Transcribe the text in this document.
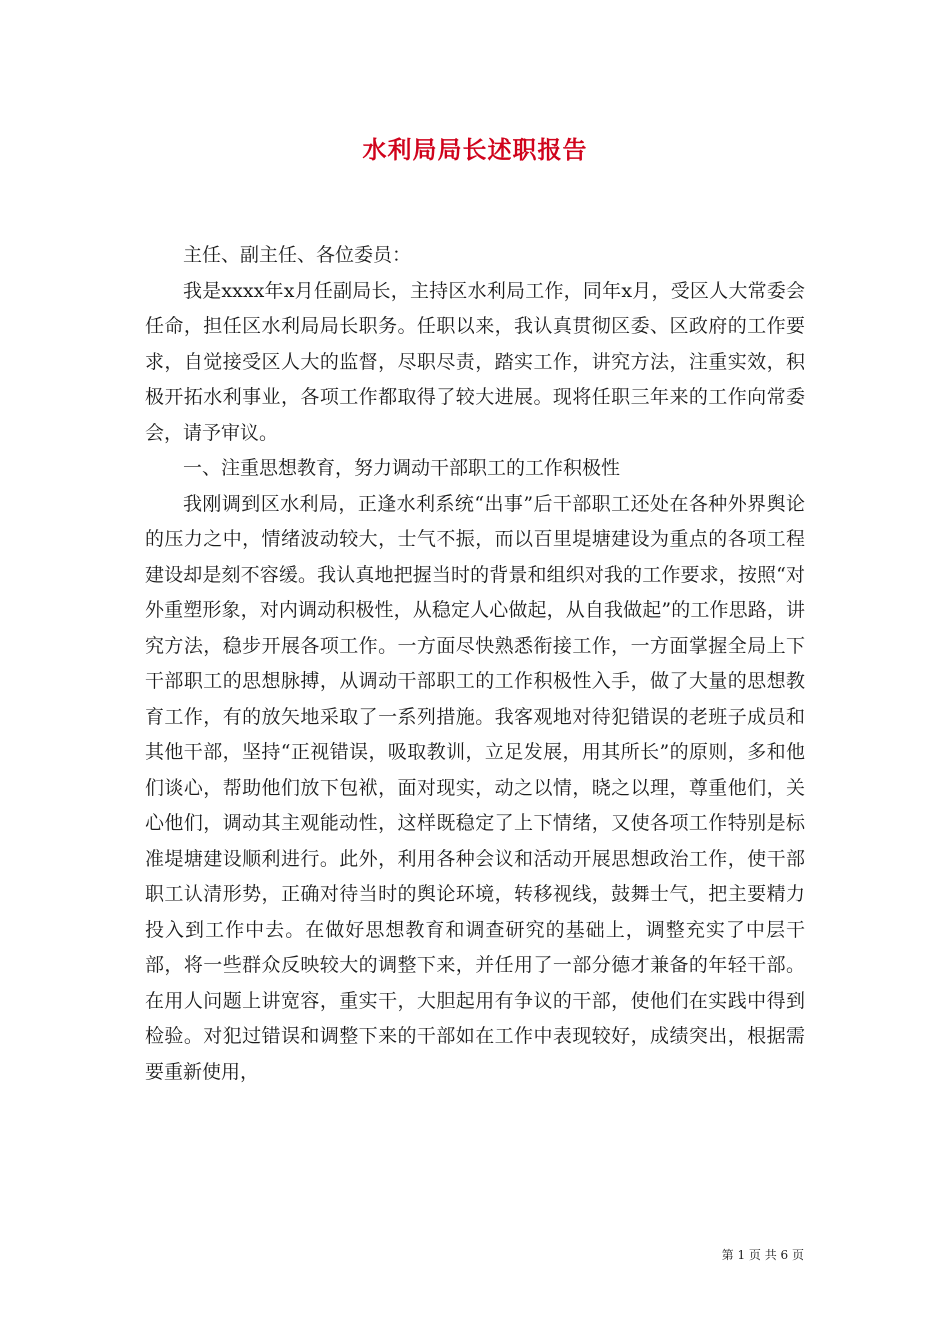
水利局局长述职报告

主任、副主任、各位委员：

我是xxxx年x月任副局长，主持区水利局工作，同年x月，受区人大常委会任命，担任区水利局局长职务。任职以来，我认真贯彻区委、区政府的工作要求，自觉接受区人大的监督，尽职尽责，踏实工作，讲究方法，注重实效，积极开拓水利事业，各项工作都取得了较大进展。现将任职三年来的工作向常委会，请予审议。

一、注重思想教育，努力调动干部职工的工作积极性

我刚调到区水利局，正逢水利系统“出事”后干部职工还处在各种外界舆论的压力之中，情绪波动较大，士气不振，而以百里堤塘建设为重点的各项工程建设却是刻不容缓。我认真地把握当时的背景和组织对我的工作要求，按照“对外重塑形象，对内调动积极性，从稳定人心做起，从自我做起”的工作思路，讲究方法，稳步开展各项工作。一方面尽快熟悉衔接工作，一方面掌握全局上下干部职工的思想脉搏，从调动干部职工的工作积极性入手，做了大量的思想教育工作，有的放矢地采取了一系列措施。我客观地对待犯错误的老班子成员和其他干部，坚持“正视错误，吸取教训，立足发展，用其所长”的原则，多和他们谈心，帮助他们放下包袱，面对现实，动之以情，晓之以理，尊重他们，关心他们，调动其主观能动性，这样既稳定了上下情绪，又使各项工作特别是标准堤塘建设顺利进行。此外，利用各种会议和活动开展思想政治工作，使干部职工认清形势，正确对待当时的舆论环境，转移视线，鼓舞士气，把主要精力投入到工作中去。在做好思想教育和调查研究的基础上，调整充实了中层干部，将一些群众反映较大的调整下来，并任用了一部分德才兼备的年轻干部。在用人问题上讲宽容，重实干，大胆起用有争议的干部，使他们在实践中得到检验。对犯过错误和调整下来的干部如在工作中表现较好，成绩突出，根据需要重新使用，

第 1 页 共 6 页
